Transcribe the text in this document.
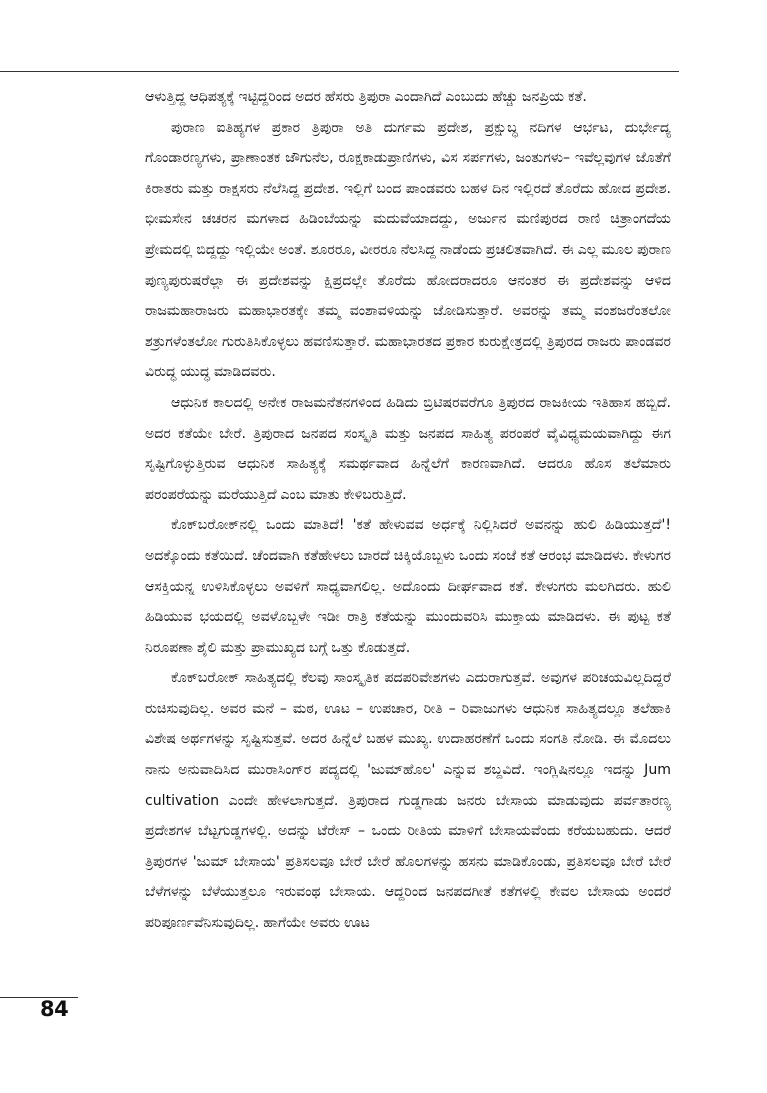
ಆಳುತ್ತಿದ್ದ ಆಧಿಪತ್ಯಕ್ಕೆ ಇಟ್ಟಿದ್ದರಿಂದ ಅದರ ಹೆಸರು ತ್ರಿಪುರಾ ಎಂದಾಗಿದೆ ಎಂಬುದು ಹೆಚ್ಚು ಜನಪ್ರಿಯ ಕತೆ.

ಪುರಾಣ ಐತಿಹ್ಯಗಳ ಪ್ರಕಾರ ತ್ರಿಪುರಾ ಅತಿ ದುರ್ಗಮ ಪ್ರದೇಶ, ಪ್ರಕ್ಷುಬ್ಧ ನದಿಗಳ ಆರ್ಭಟ, ದುರ್ಭೇದ್ಯ ಗೊಂಡಾರಣ್ಯಗಳು, ಪ್ರಾಣಾಂತಕ ಜೌಗುನೆಲ, ರೂಕ್ಷಕಾಡುಪ್ರಾಣಿಗಳು, ವಿಸ ಸರ್ಪಗಳು, ಜಂತುಗಳು– ಇವೆಲ್ಲವುಗಳ ಜೊತೆಗೆ ಕಿರಾತರು ಮತ್ತು ರಾಕ್ಷಸರು ನೆಲೆಸಿದ್ದ ಪ್ರದೇಶ. ಇಲ್ಲಿಗೆ ಬಂದ ಪಾಂಡವರು ಬಹಳ ದಿನ ಇಲ್ಲಿರದೆ ತೊರೆದು ಹೋದ ಪ್ರದೇಶ. ಭೀಮಸೇನ ಚಚರನ ಮಗಳಾದ ಹಿಡಿಂಬೆಯನ್ನು ಮದುವೆಯಾದದ್ದು, ಅರ್ಜುನ ಮಣಿಪುರದ ರಾಣಿ ಚಿತ್ರಾಂಗದೆಯ ಪ್ರೇಮದಲ್ಲಿ ಬಿದ್ದದ್ದು ಇಲ್ಲಿಯೇ ಅಂತೆ. ಶೂರರೂ, ವೀರರೂ ನೆಲಸಿದ್ದ ನಾಡೆಂದು ಪ್ರಚಲಿತವಾಗಿದೆ. ಈ ಎಲ್ಲ ಮೂಲ ಪುರಾಣ ಪುಣ್ಯಪುರುಷರೆಲ್ಲಾ ಈ ಪ್ರದೇಶವನ್ನು ಕ್ಷಿಪ್ರದಲ್ಲೇ ತೊರೆದು ಹೋದರಾದರೂ ಆನಂತರ ಈ ಪ್ರದೇಶವನ್ನು ಆಳಿದ ರಾಜಮಹಾರಾಜರು ಮಹಾಭಾರತಕ್ಕೇ ತಮ್ಮ ವಂಶಾವಳಿಯನ್ನು ಜೋಡಿಸುತ್ತಾರೆ. ಅವರನ್ನು ತಮ್ಮ ವಂಶಜರೆಂತಲೋ ಶತ್ರುಗಳೆಂತಲೋ ಗುರುತಿಸಿಕೊಳ್ಳಲು ಹವಣಿಸುತ್ತಾರೆ. ಮಹಾಭಾರತದ ಪ್ರಕಾರ ಕುರುಕ್ಷೇತ್ರದಲ್ಲಿ ತ್ರಿಪುರದ ರಾಜರು ಪಾಂಡವರ ವಿರುದ್ಧ ಯುದ್ಧ ಮಾಡಿದವರು.

ಆಧುನಿಕ ಕಾಲದಲ್ಲಿ ಅನೇಕ ರಾಜಮನೆತನಗಳಿಂದ ಹಿಡಿದು ಬ್ರಿಟಿಷರವರೆಗೂ ತ್ರಿಪುರದ ರಾಜಕೀಯ ಇತಿಹಾಸ ಹಬ್ಬಿದೆ. ಅದರ ಕತೆಯೇ ಬೇರೆ. ತ್ರಿಪುರಾದ ಜನಪದ ಸಂಸ್ಕೃತಿ ಮತ್ತು ಜನಪದ ಸಾಹಿತ್ಯ ಪರಂಪರೆ ವೈವಿಧ್ಯಮಯವಾಗಿದ್ದು ಈಗ ಸೃಷ್ಟಿಗೊಳ್ಳುತ್ತಿರುವ ಆಧುನಿಕ ಸಾಹಿತ್ಯಕ್ಕೆ ಸಮರ್ಥವಾದ ಹಿನ್ನೆಲೆಗೆ ಕಾರಣವಾಗಿದೆ. ಆದರೂ ಹೊಸ ತಲೆಮಾರು ಪರಂಪರೆಯನ್ನು ಮರೆಯುತ್ತಿದೆ ಎಂಬ ಮಾತು ಕೇಳಿಬರುತ್ತಿದೆ.

ಕೊಕ್‌ಬರೋಕ್‌ನಲ್ಲಿ ಒಂದು ಮಾತಿದೆ! 'ಕತೆ ಹೇಳುವವ ಅರ್ಧಕ್ಕೆ ನಿಲ್ಲಿಸಿದರೆ ಅವನನ್ನು ಹುಲಿ ಹಿಡಿಯುತ್ತದೆ'! ಅದಕ್ಕೊಂದು ಕತೆಯಿದೆ. ಚೆಂದವಾಗಿ ಕತೆಹೇಳಲು ಬಾರದೆ ಚಿಕ್ಕಿಯೊಬ್ಬಳು ಒಂದು ಸಂಜೆ ಕತೆ ಆರಂಭ ಮಾಡಿದಳು. ಕೇಳುಗರ ಆಸಕ್ತಿಯನ್ನ ಉಳಿಸಿಕೊಳ್ಳಲು ಅವಳಿಗೆ ಸಾಧ್ಯವಾಗಲಿಲ್ಲ. ಅದೊಂದು ದೀರ್ಘವಾದ ಕತೆ. ಕೇಳುಗರು ಮಲಗಿದರು. ಹುಲಿ ಹಿಡಿಯುವ ಭಯದಲ್ಲಿ ಅವಳೊಬ್ಬಳೇ ಇಡೀ ರಾತ್ರಿ ಕತೆಯನ್ನು ಮುಂದುವರಿಸಿ ಮುಕ್ತಾಯ ಮಾಡಿದಳು. ಈ ಪುಟ್ಟ ಕತೆ ನಿರೂಪಣಾ ಶೈಲಿ ಮತ್ತು ಪ್ರಾಮುಖ್ಯದ ಬಗ್ಗೆ ಒತ್ತು ಕೊಡುತ್ತದೆ.

ಕೊಕ್‌ಬರೋಕ್ ಸಾಹಿತ್ಯದಲ್ಲಿ ಕೆಲವು ಸಾಂಸ್ಕೃತಿಕ ಪದಪರಿವೇಶಗಳು ಎದುರಾಗುತ್ತವೆ. ಅವುಗಳ ಪರಿಚಯವಿಲ್ಲದಿದ್ದರೆ ರುಚಿಸುವುದಿಲ್ಲ. ಅವರ ಮನೆ – ಮಠ, ಊಟ – ಉಪಚಾರ, ರೀತಿ – ರಿವಾಜುಗಳು ಆಧುನಿಕ ಸಾಹಿತ್ಯದಲ್ಲೂ ತಲೆಹಾಕಿ ವಿಶೇಷ ಅರ್ಥಗಳನ್ನು ಸೃಷ್ಟಿಸುತ್ತವೆ. ಅದರ ಹಿನ್ನೆಲೆ ಬಹಳ ಮುಖ್ಯ. ಉದಾಹರಣೆಗೆ ಒಂದು ಸಂಗತಿ ನೋಡಿ. ಈ ಮೊದಲು ನಾನು ಅನುವಾದಿಸಿದ ಮುರಾಸಿಂಗ್‌ರ ಪದ್ಯದಲ್ಲಿ 'ಜುಮ್‌ಹೊಲ' ಎನ್ನುವ ಶಬ್ದವಿದೆ. ಇಂಗ್ಲಿಷಿನಲ್ಲೂ ಇದನ್ನು Jum cultivation ಎಂದೇ ಹೇಳಲಾಗುತ್ತದೆ. ತ್ರಿಪುರಾದ ಗುಡ್ಡಗಾಡು ಜನರು ಬೇಸಾಯ ಮಾಡುವುದು ಪರ್ವತಾರಣ್ಯ ಪ್ರದೇಶಗಳ ಬೆಟ್ಟಗುಡ್ಡಗಳಲ್ಲಿ. ಅದನ್ನು ಟೆರೇಸ್ – ಒಂದು ರೀತಿಯ ಮಾಳಿಗೆ ಬೇಸಾಯವೆಂದು ಕರೆಯಬಹುದು. ಆದರೆ ತ್ರಿಪುರಗಳ 'ಜುಮ್ ಬೇಸಾಯ' ಪ್ರತಿಸಲವೂ ಬೇರೆ ಬೇರೆ ಹೊಲಗಳನ್ನು ಹಸನು ಮಾಡಿಕೊಂಡು, ಪ್ರತಿಸಲವೂ ಬೇರೆ ಬೇರೆ ಬೆಳೆಗಳನ್ನು ಬೆಳೆಯುತ್ತಲೂ ಇರುವಂಥ ಬೇಸಾಯ. ಆದ್ದರಿಂದ ಜನಪದಗೀತೆ ಕತೆಗಳಲ್ಲಿ ಕೇವಲ ಬೇಸಾಯ ಅಂದರೆ ಪರಿಪೂರ್ಣವೆನಿಸುವುದಿಲ್ಲ. ಹಾಗೆಯೇ ಅವರು ಊಟ

84
